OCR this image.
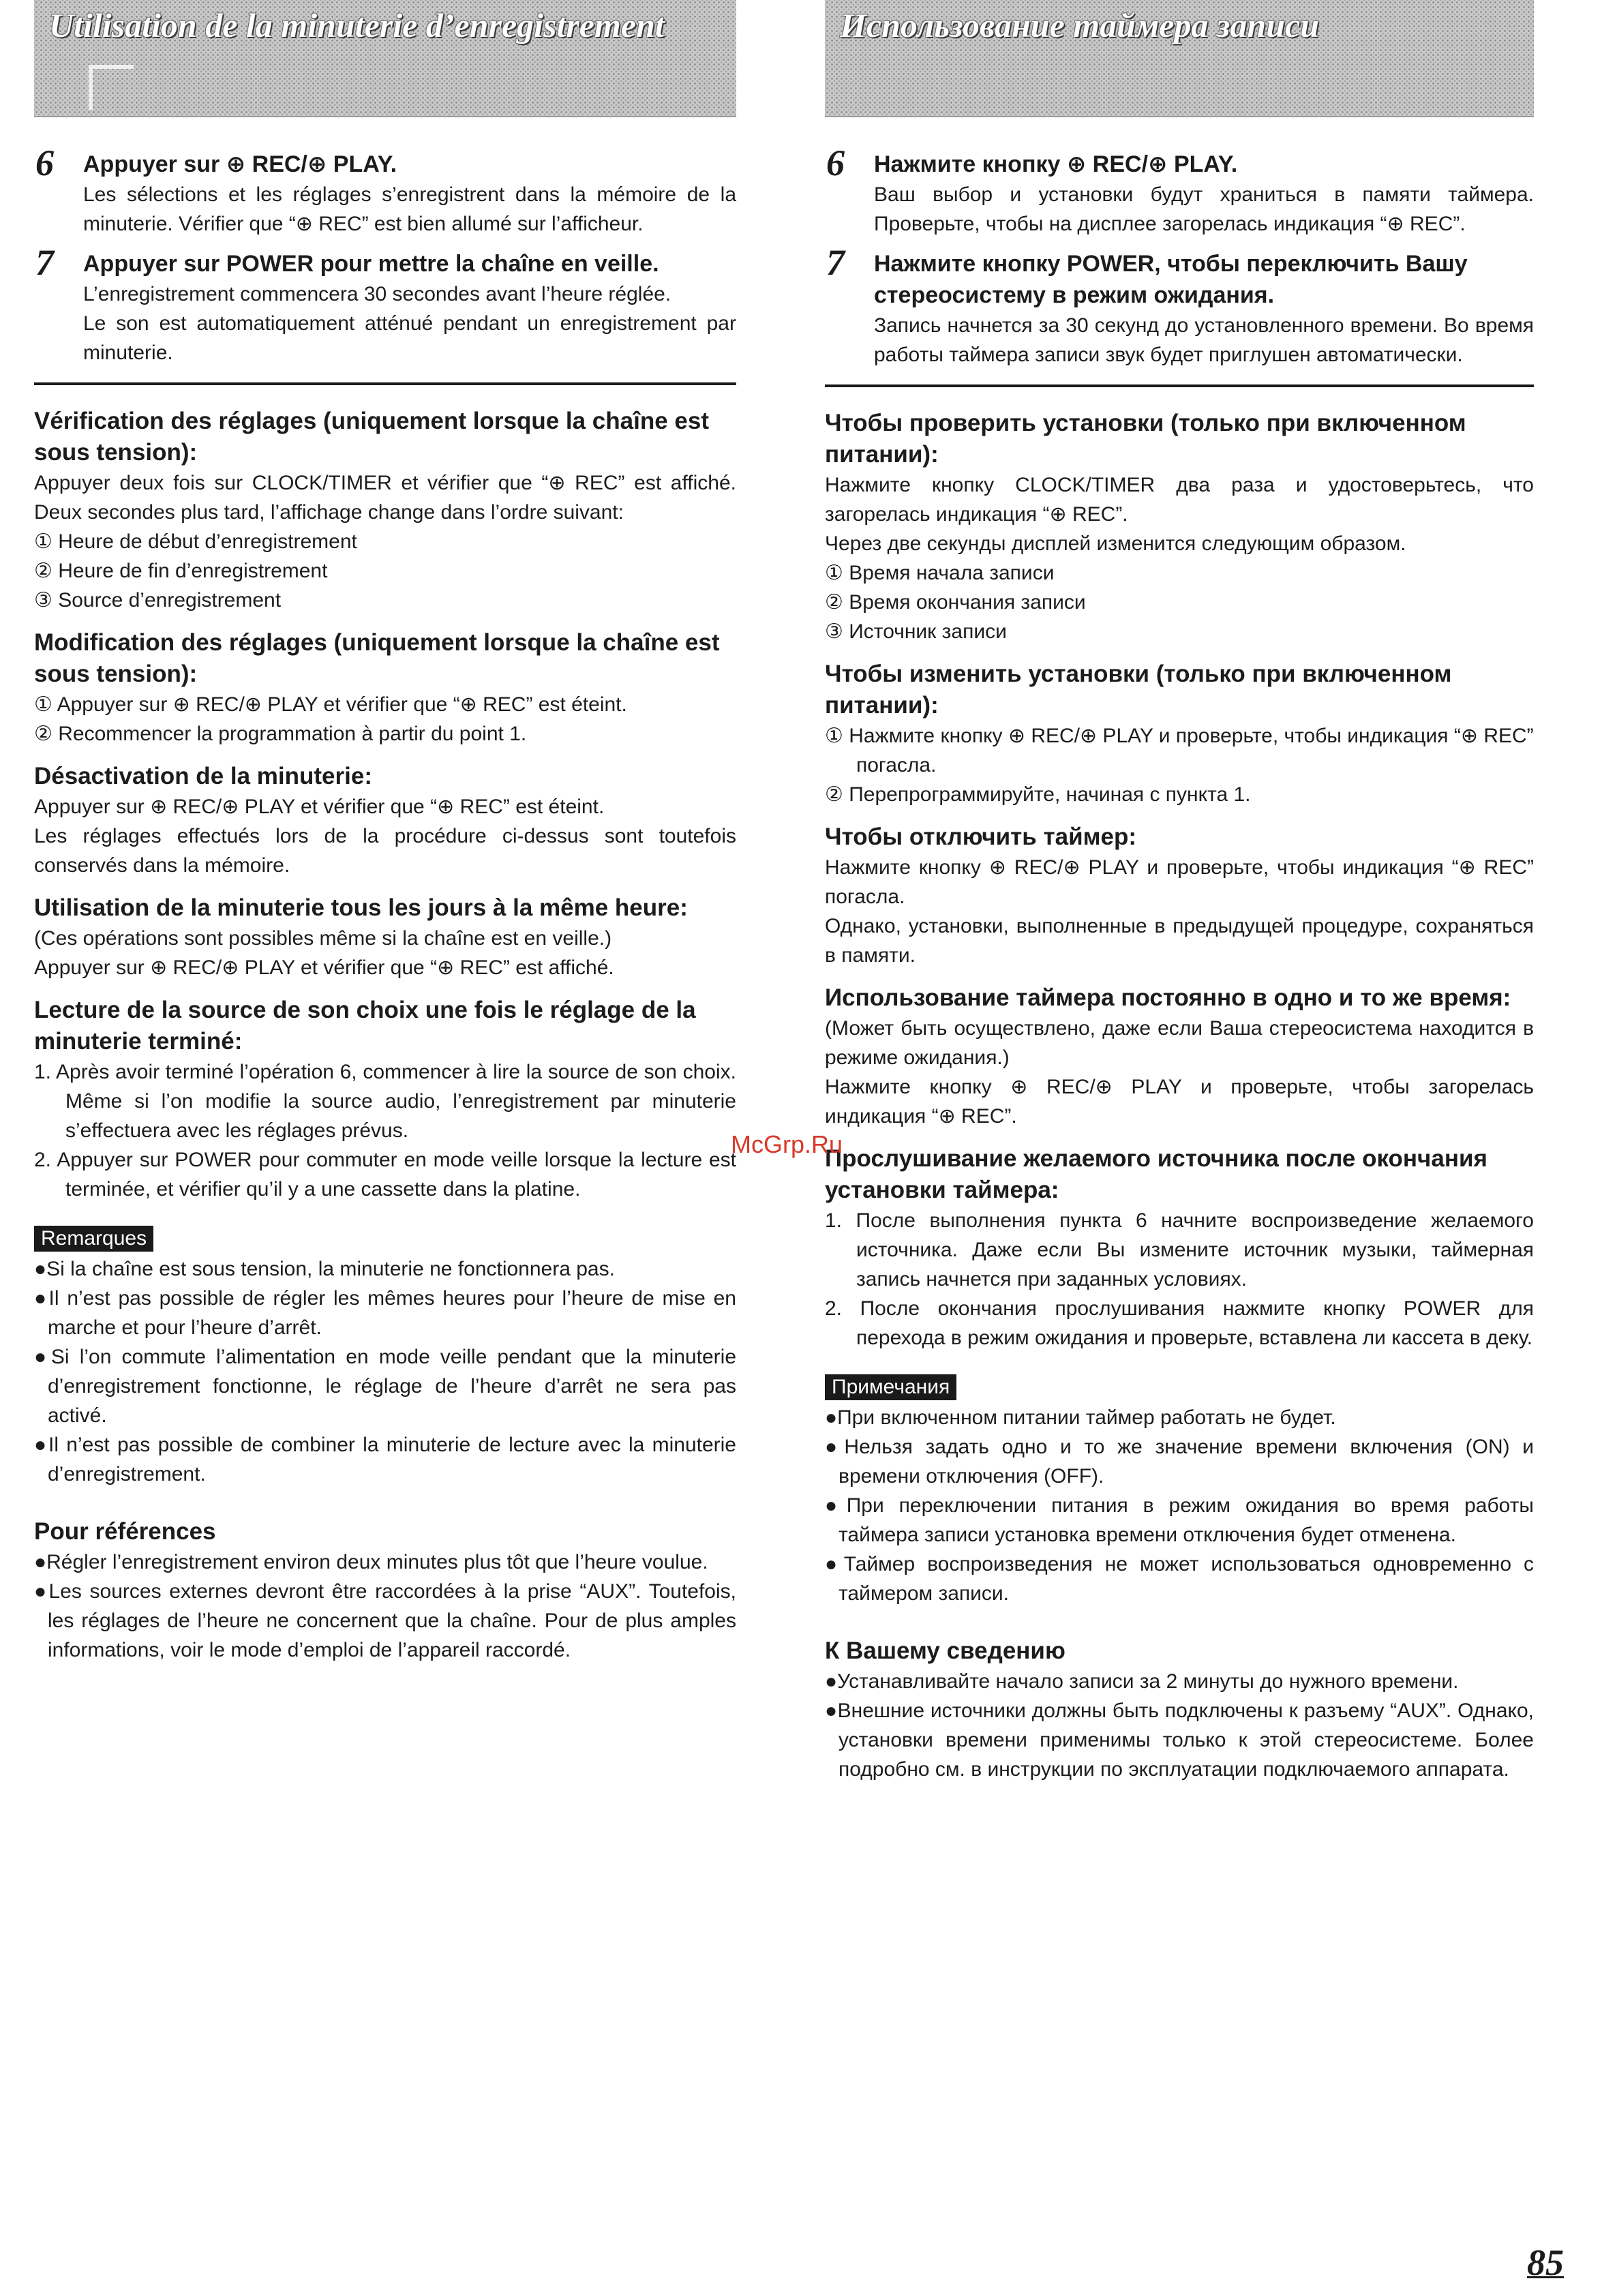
Utilisation de la minuterie d’enregistrement
6 Appuyer sur ⊕ REC/⊕ PLAY.
Les sélections et les réglages s’enregistrent dans la mémoire de la minuterie. Vérifier que “⊕ REC” est bien allumé sur l’afficheur.
7 Appuyer sur POWER pour mettre la chaîne en veille.
L’enregistrement commencera 30 secondes avant l’heure réglée.
Le son est automatiquement atténué pendant un enregistrement par minuterie.
Vérification des réglages (uniquement lorsque la chaîne est sous tension):
Appuyer deux fois sur CLOCK/TIMER et vérifier que “⊕ REC” est affiché. Deux secondes plus tard, l’affichage change dans l’ordre suivant:
① Heure de début d’enregistrement
② Heure de fin d’enregistrement
③ Source d’enregistrement
Modification des réglages (uniquement lorsque la chaîne est sous tension):
① Appuyer sur ⊕ REC/⊕ PLAY et vérifier que “⊕ REC” est éteint.
② Recommencer la programmation à partir du point 1.
Désactivation de la minuterie:
Appuyer sur ⊕ REC/⊕ PLAY et vérifier que “⊕ REC” est éteint.
Les réglages effectués lors de la procédure ci-dessus sont toutefois conservés dans la mémoire.
Utilisation de la minuterie tous les jours à la même heure:
(Ces opérations sont possibles même si la chaîne est en veille.)
Appuyer sur ⊕ REC/⊕ PLAY et vérifier que “⊕ REC” est affiché.
Lecture de la source de son choix une fois le réglage de la minuterie terminé:
1. Après avoir terminé l’opération 6, commencer à lire la source de son choix. Même si l’on modifie la source audio, l’enregistrement par minuterie s’effectuera avec les réglages prévus.
2. Appuyer sur POWER pour commuter en mode veille lorsque la lecture est terminée, et vérifier qu’il y a une cassette dans la platine.
Remarques
●Si la chaîne est sous tension, la minuterie ne fonctionnera pas.
●Il n’est pas possible de régler les mêmes heures pour l’heure de mise en marche et pour l’heure d’arrêt.
●Si l’on commute l’alimentation en mode veille pendant que la minuterie d’enregistrement fonctionne, le réglage de l’heure d’arrêt ne sera pas activé.
●Il n’est pas possible de combiner la minuterie de lecture avec la minuterie d’enregistrement.
Pour références
●Régler l’enregistrement environ deux minutes plus tôt que l’heure voulue.
●Les sources externes devront être raccordées à la prise “AUX”. Toutefois, les réglages de l’heure ne concernent que la chaîne. Pour de plus amples informations, voir le mode d’emploi de l’appareil raccordé.
Использование таймера записи
6 Нажмите кнопку ⊕ REC/⊕ PLAY.
Ваш выбор и установки будут храниться в памяти таймера. Проверьте, чтобы на дисплее загорелась индикация “⊕ REC”.
7 Нажмите кнопку POWER, чтобы переключить Вашу стереосистему в режим ожидания.
Запись начнется за 30 секунд до установленного времени. Во время работы таймера записи звук будет приглушен автоматически.
Чтобы проверить установки (только при включенном питании):
Нажмите кнопку CLOCK/TIMER два раза и удостоверьтесь, что загорелась индикация “⊕ REC”.
Через две секунды дисплей изменится следующим образом.
① Время начала записи
② Время окончания записи
③ Источник записи
Чтобы изменить установки (только при включенном питании):
① Нажмите кнопку ⊕ REC/⊕ PLAY и проверьте, чтобы индикация “⊕ REC” погасла.
② Перепрограммируйте, начиная с пункта 1.
Чтобы отключить таймер:
Нажмите кнопку ⊕ REC/⊕ PLAY и проверьте, чтобы индикация “⊕ REC” погасла.
Однако, установки, выполненные в предыдущей процедуре, сохраняться в памяти.
Использование таймера постоянно в одно и то же время:
(Может быть осуществлено, даже если Ваша стереосистема находится в режиме ожидания.)
Нажмите кнопку ⊕ REC/⊕ PLAY и проверьте, чтобы загорелась индикация “⊕ REC”.
Прослушивание желаемого источника после окончания установки таймера:
1. После выполнения пункта 6 начните воспроизведение желаемого источника. Даже если Вы измените источник музыки, таймерная запись начнется при заданных условиях.
2. После окончания прослушивания нажмите кнопку POWER для перехода в режим ожидания и проверьте, вставлена ли кассета в деку.
Примечания
●При включенном питании таймер работать не будет.
●Нельзя задать одно и то же значение времени включения (ON) и времени отключения (OFF).
●При переключении питания в режим ожидания во время работы таймера записи установка времени отключения будет отменена.
●Таймер воспроизведения не может использоваться одновременно с таймером записи.
К Вашему сведению
●Устанавливайте начало записи за 2 минуты до нужного времени.
●Внешние источники должны быть подключены к разъему “AUX”. Однако, установки времени применимы только к этой стереосистеме. Более подробно см. в инструкции по эксплуатации подключаемого аппарата.
McGrp.Ru
85
